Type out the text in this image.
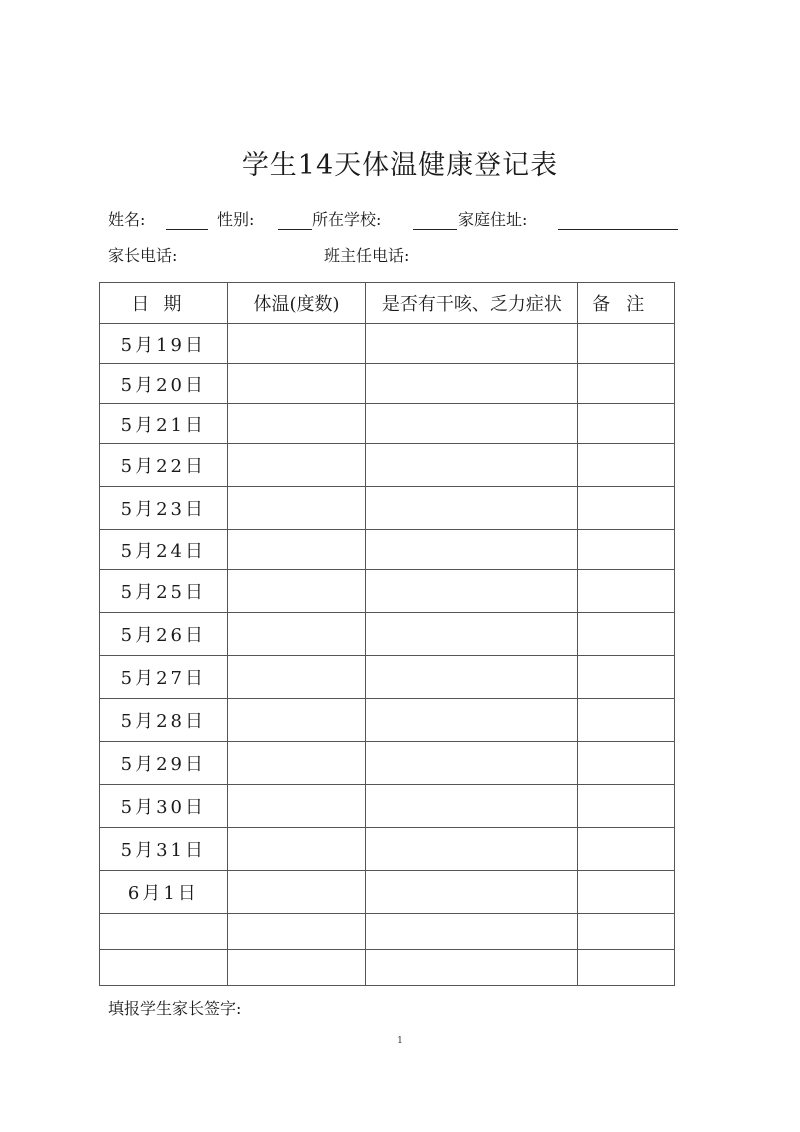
学生14天体温健康登记表
姓名:	性别:	所在学校:	家庭住址:
家长电话:	班主任电话:
日期	体温(度数)	是否有干咳、乏力症状	备注
5月19日			
5月20日			
5月21日			
5月22日			
5月23日			
5月24日			
5月25日			
5月26日			
5月27日			
5月28日			
5月29日			
5月30日			
5月31日			
6月1日			

填报学生家长签字:
1
